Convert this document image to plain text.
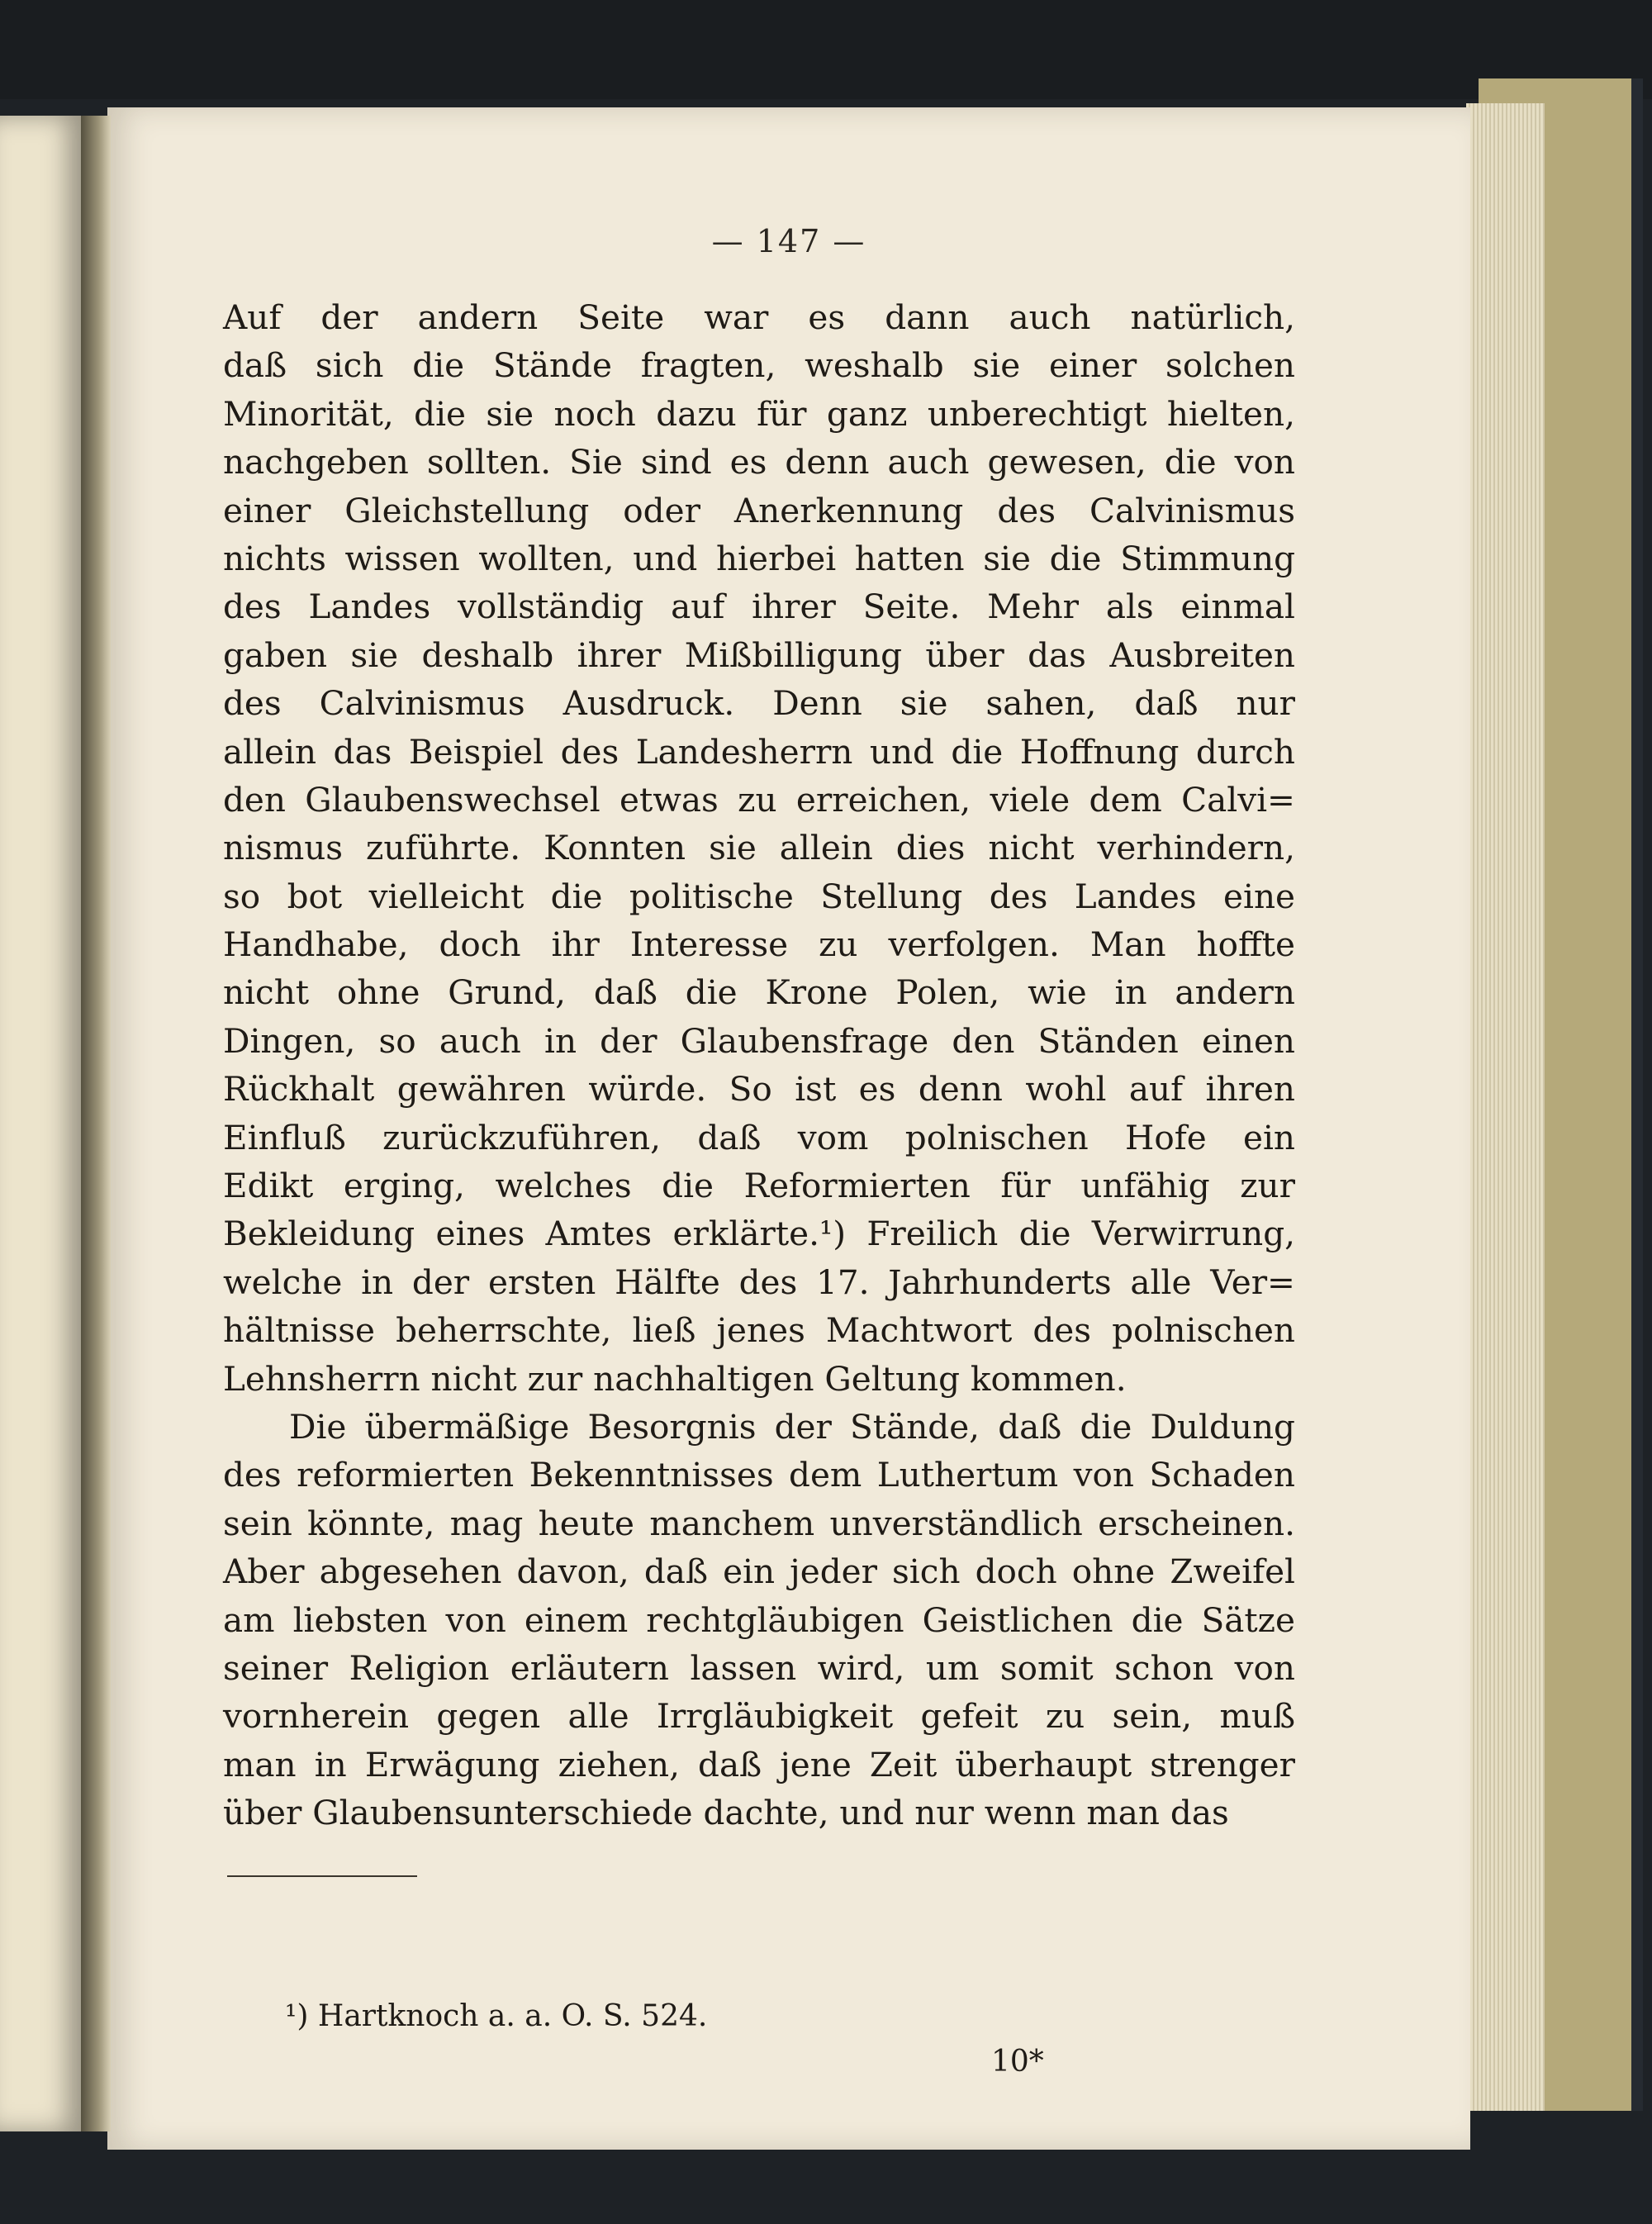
— 147 —
Auf der andern Seite war es dann auch natürlich,
daß sich die Stände fragten, weshalb sie einer solchen
Minorität, die sie noch dazu für ganz unberechtigt hielten,
nachgeben sollten. Sie sind es denn auch gewesen, die von
einer Gleichstellung oder Anerkennung des Calvinismus
nichts wissen wollten, und hierbei hatten sie die Stimmung
des Landes vollständig auf ihrer Seite. Mehr als einmal
gaben sie deshalb ihrer Mißbilligung über das Ausbreiten
des Calvinismus Ausdruck. Denn sie sahen, daß nur
allein das Beispiel des Landesherrn und die Hoffnung durch
den Glaubenswechsel etwas zu erreichen, viele dem Calvi=
nismus zuführte. Konnten sie allein dies nicht verhindern,
so bot vielleicht die politische Stellung des Landes eine
Handhabe, doch ihr Interesse zu verfolgen. Man hoffte
nicht ohne Grund, daß die Krone Polen, wie in andern
Dingen, so auch in der Glaubensfrage den Ständen einen
Rückhalt gewähren würde. So ist es denn wohl auf ihren
Einfluß zurückzuführen, daß vom polnischen Hofe ein
Edikt erging, welches die Reformierten für unfähig zur
Bekleidung eines Amtes erklärte.¹) Freilich die Verwirrung,
welche in der ersten Hälfte des 17. Jahrhunderts alle Ver=
hältnisse beherrschte, ließ jenes Machtwort des polnischen
Lehnsherrn nicht zur nachhaltigen Geltung kommen.
Die übermäßige Besorgnis der Stände, daß die Duldung
des reformierten Bekenntnisses dem Luthertum von Schaden
sein könnte, mag heute manchem unverständlich erscheinen.
Aber abgesehen davon, daß ein jeder sich doch ohne Zweifel
am liebsten von einem rechtgläubigen Geistlichen die Sätze
seiner Religion erläutern lassen wird, um somit schon von
vornherein gegen alle Irrgläubigkeit gefeit zu sein, muß
man in Erwägung ziehen, daß jene Zeit überhaupt strenger
über Glaubensunterschiede dachte, und nur wenn man das
¹) Hartknoch a. a. O. S. 524.
10*
